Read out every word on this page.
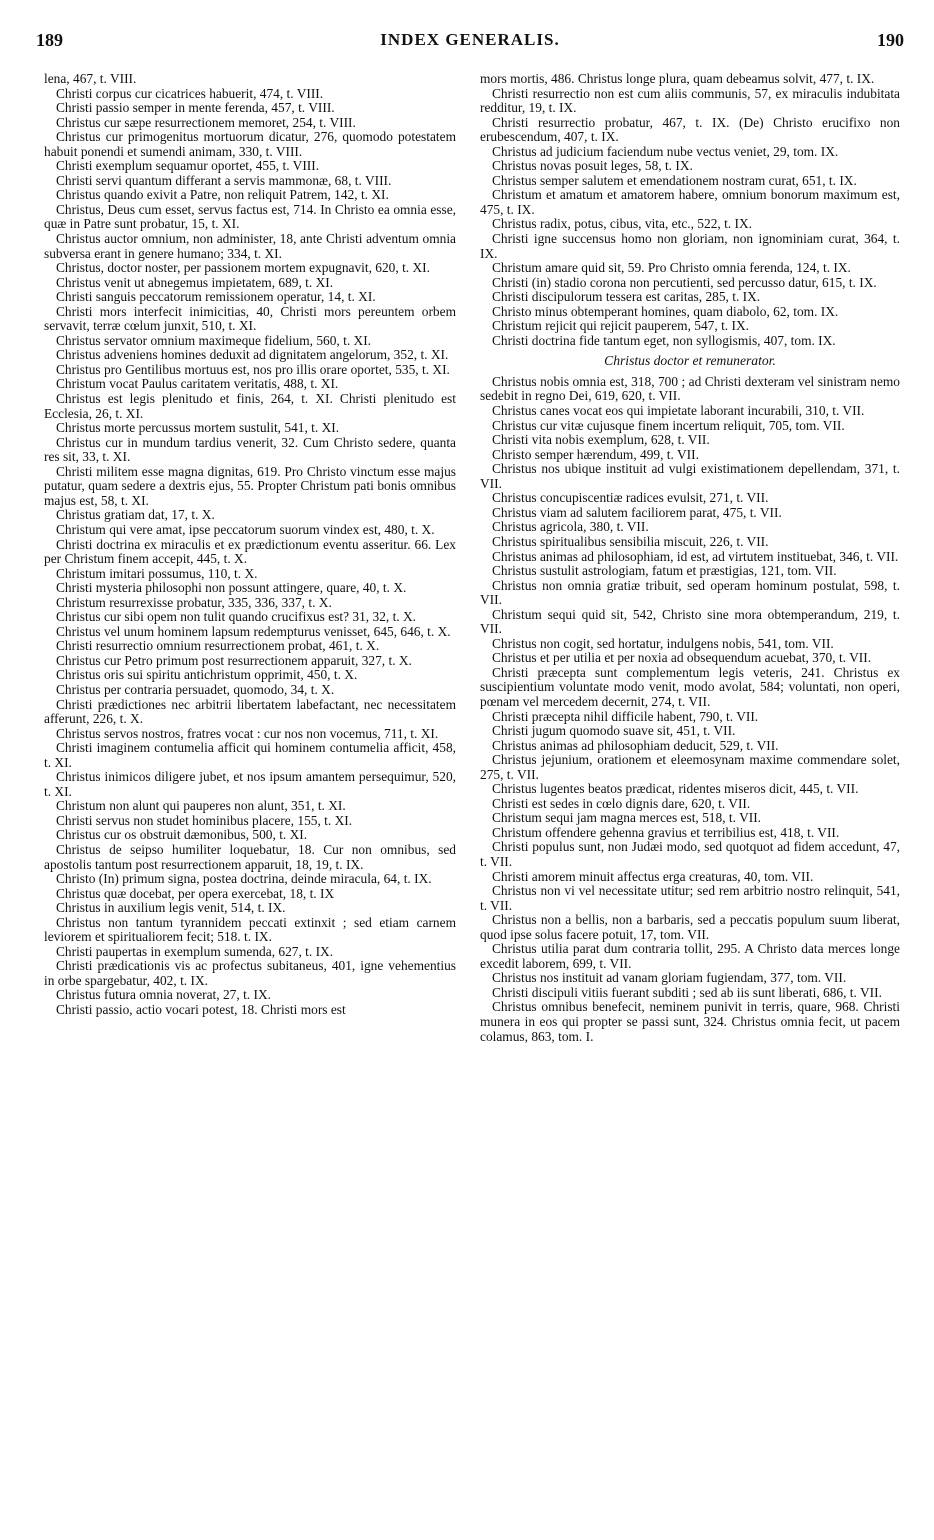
189	INDEX GENERALIS.	190

lena, 467, t. VIII.

Christi corpus cur cicatrices habuerit, 474, t. VIII.

Christi passio semper in mente ferenda, 457, t. VIII.

Christus cur sæpe resurrectionem memoret, 254, t. VIII.

Christus cur primogenitus mortuorum dicatur, 276, quomodo potestatem habuit ponendi et sumendi animam, 330, t. VIII.

Christi exemplum sequamur oportet, 455, t. VIII.

Christi servi quantum differant a servis mammonæ, 68, t. VIII.

Christus quando exivit a Patre, non reliquit Patrem, 142, t. XI.

Christus, Deus cum esset, servus factus est, 714. In Christo ea omnia esse, quæ in Patre sunt probatur, 15, t. XI.

Christus auctor omnium, non administer, 18, ante Christi adventum omnia subversa erant in genere humano; 334, t. XI.

Christus, doctor noster, per passionem mortem expugnavit, 620, t. XI.

Christus venit ut abnegemus impietatem, 689, t. XI.

Christi sanguis peccatorum remissionem operatur, 14, t. XI.

Christi mors interfecit inimicitias, 40, Christi mors pereuntem orbem servavit, terræ cœlum junxit, 510, t. XI.

Christus servator omnium maximeque fidelium, 560, t. XI.

Christus adveniens homines deduxit ad dignitatem angelorum, 352, t. XI.

Christus pro Gentilibus mortuus est, nos pro illis orare oportet, 535, t. XI.

Christum vocat Paulus caritatem veritatis, 488, t. XI.

Christus est legis plenitudo et finis, 264, t. XI. Christi plenitudo est Ecclesia, 26, t. XI.

Christus morte percussus mortem sustulit, 541, t. XI.

Christus cur in mundum tardius venerit, 32. Cum Christo sedere, quanta res sit, 33, t. XI.

Christi militem esse magna dignitas, 619. Pro Christo vinctum esse majus putatur, quam sedere a dextris ejus, 55. Propter Christum pati bonis omnibus majus est, 58, t. XI.

Christus gratiam dat, 17, t. X.

Christum qui vere amat, ipse peccatorum suorum vindex est, 480, t. X.

Christi doctrina ex miraculis et ex prædictionum eventu asseritur. 66. Lex per Christum finem accepit, 445, t. X.

Christum imitari possumus, 110, t. X.

Christi mysteria philosophi non possunt attingere, quare, 40, t. X.

Christum resurrexisse probatur, 335, 336, 337, t. X.

Christus cur sibi opem non tulit quando crucifixus est? 31, 32, t. X.

Christus vel unum hominem lapsum redempturus venisset, 645, 646, t. X.

Christi resurrectio omnium resurrectionem probat, 461, t. X.

Christus cur Petro primum post resurrectionem apparuit, 327, t. X.

Christus oris sui spiritu antichristum opprimit, 450, t. X.

Christus per contraria persuadet, quomodo, 34, t. X.

Christi prædictiones nec arbitrii libertatem labefactant, nec necessitatem afferunt, 226, t. X.

Christus servos nostros, fratres vocat : cur nos non vocemus, 711, t. XI.

Christi imaginem contumelia afficit qui hominem contumelia afficit, 458, t. XI.

Christus inimicos diligere jubet, et nos ipsum amantem persequimur, 520, t. XI.

Christum non alunt qui pauperes non alunt, 351, t. XI.

Christi servus non studet hominibus placere, 155, t. XI.

Christus cur os obstruit dæmonibus, 500, t. XI.

Christus de seipso humiliter loquebatur, 18. Cur non omnibus, sed apostolis tantum post resurrectionem apparuit, 18, 19, t. IX.

Christo (In) primum signa, postea doctrina, deinde miracula, 64, t. IX.

Christus quæ docebat, per opera exercebat, 18, t. IX

Christus in auxilium legis venit, 514, t. IX.

Christus non tantum tyrannidem peccati extinxit ; sed etiam carnem leviorem et spiritualiorem fecit; 518. t. IX.

Christi paupertas in exemplum sumenda, 627, t. IX.

Christi prædicationis vis ac profectus subitaneus, 401, igne vehementius in orbe spargebatur, 402, t. IX.

Christus futura omnia noverat, 27, t. IX.

Christi passio, actio vocari potest, 18. Christi mors est

mors mortis, 486. Christus longe plura, quam debeamus solvit, 477, t. IX.

Christi resurrectio non est cum aliis communis, 57, ex miraculis indubitata redditur, 19, t. IX.

Christi resurrectio probatur, 467, t. IX. (De) Christo erucifixo non erubescendum, 407, t. IX.

Christus ad judicium faciendum nube vectus veniet, 29, tom. IX.

Christus novas posuit leges, 58, t. IX.

Christus semper salutem et emendationem nostram curat, 651, t. IX.

Christum et amatum et amatorem habere, omnium bonorum maximum est, 475, t. IX.

Christus radix, potus, cibus, vita, etc., 522, t. IX.

Christi igne succensus homo non gloriam, non ignominiam curat, 364, t. IX.

Christum amare quid sit, 59. Pro Christo omnia ferenda, 124, t. IX.

Christi (in) stadio corona non percutienti, sed percusso datur, 615, t. IX.

Christi discipulorum tessera est caritas, 285, t. IX.

Christo minus obtemperant homines, quam diabolo, 62, tom. IX.

Christum rejicit qui rejicit pauperem, 547, t. IX.

Christi doctrina fide tantum eget, non syllogismis, 407, tom. IX.

Christus doctor et remunerator.

Christus nobis omnia est, 318, 700 ; ad Christi dexteram vel sinistram nemo sedebit in regno Dei, 619, 620, t. VII.

Christus canes vocat eos qui impietate laborant incurabili, 310, t. VII.

Christus cur vitæ cujusque finem incertum reliquit, 705, tom. VII.

Christi vita nobis exemplum, 628, t. VII.

Christo semper hærendum, 499, t. VII.

Christus nos ubique instituit ad vulgi existimationem depellendam, 371, t. VII.

Christus concupiscentiæ radices evulsit, 271, t. VII.

Christus viam ad salutem faciliorem parat, 475, t. VII.

Christus agricola, 380, t. VII.

Christus spiritualibus sensibilia miscuit, 226, t. VII.

Christus animas ad philosophiam, id est, ad virtutem instituebat, 346, t. VII.

Christus sustulit astrologiam, fatum et præstigias, 121, tom. VII.

Christus non omnia gratiæ tribuit, sed operam hominum postulat, 598, t. VII.

Christum sequi quid sit, 542, Christo sine mora obtemperandum, 219, t. VII.

Christus non cogit, sed hortatur, indulgens nobis, 541, tom. VII.

Christus et per utilia et per noxia ad obsequendum acuebat, 370, t. VII.

Christi præcepta sunt complementum legis veteris, 241. Christus ex suscipientium voluntate modo venit, modo avolat, 584; voluntati, non operi, pœnam vel mercedem decernit, 274, t. VII.

Christi præcepta nihil difficile habent, 790, t. VII.

Christi jugum quomodo suave sit, 451, t. VII.

Christus animas ad philosophiam deducit, 529, t. VII.

Christus jejunium, orationem et eleemosynam maxime commendare solet, 275, t. VII.

Christus lugentes beatos prædicat, ridentes miseros dicit, 445, t. VII.

Christi est sedes in cœlo dignis dare, 620, t. VII.

Christum sequi jam magna merces est, 518, t. VII.

Christum offendere gehenna gravius et terribilius est, 418, t. VII.

Christi populus sunt, non Judæi modo, sed quotquot ad fidem accedunt, 47, t. VII.

Christi amorem minuit affectus erga creaturas, 40, tom. VII.

Christus non vi vel necessitate utitur; sed rem arbitrio nostro relinquit, 541, t. VII.

Christus non a bellis, non a barbaris, sed a peccatis populum suum liberat, quod ipse solus facere potuit, 17, tom. VII.

Christus utilia parat dum contraria tollit, 295. A Christo data merces longe excedit laborem, 699, t. VII.

Christus nos instituit ad vanam gloriam fugiendam, 377, tom. VII.

Christi discipuli vitiis fuerant subditi ; sed ab iis sunt liberati, 686, t. VII.

Christus omnibus benefecit, neminem punivit in terris, quare, 968. Christi munera in eos qui propter se passi sunt, 324. Christus omnia fecit, ut pacem colamus, 863, tom. I.
